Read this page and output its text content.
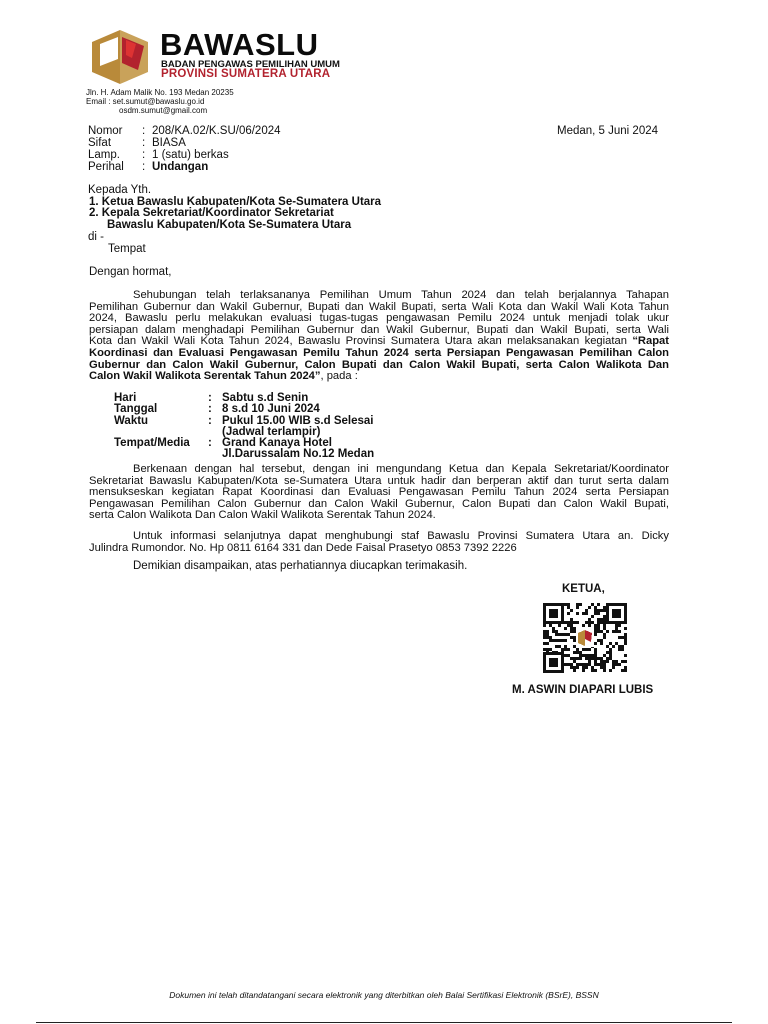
BAWASLU
BADAN PENGAWAS PEMILIHAN UMUM
PROVINSI SUMATERA UTARA
Jln. H. Adam Malik No. 193 Medan 20235
Email : set.sumut@bawaslu.go.id
osdm.sumut@gmail.com
Nomor	: 208/KA.02/K.SU/06/2024
Sifat	: BIASA
Lamp.	: 1 (satu) berkas
Perihal	: Undangan
Medan, 5 Juni 2024
Kepada Yth.
1. Ketua Bawaslu Kabupaten/Kota Se-Sumatera Utara
2. Kepala Sekretariat/Koordinator Sekretariat
Bawaslu Kabupaten/Kota Se-Sumatera Utara
di -
Tempat
Dengan hormat,
Sehubungan telah terlaksananya Pemilihan Umum Tahun 2024 dan telah berjalannya Tahapan
Pemilihan Gubernur dan Wakil Gubernur, Bupati dan Wakil Bupati, serta Wali Kota dan Wakil Wali Kota Tahun
2024, Bawaslu perlu melakukan evaluasi tugas-tugas pengawasan Pemilu 2024 untuk menjadi tolak ukur
persiapan dalam menghadapi Pemilihan Gubernur dan Wakil Gubernur, Bupati dan Wakil Bupati, serta Wali
Kota dan Wakil Wali Kota Tahun 2024, Bawaslu Provinsi Sumatera Utara akan melaksanakan kegiatan “Rapat
Koordinasi dan Evaluasi Pengawasan Pemilu Tahun 2024 serta Persiapan Pengawasan Pemilihan Calon
Gubernur dan Calon Wakil Gubernur, Calon Bupati dan Calon Wakil Bupati, serta Calon Walikota Dan
Calon Wakil Walikota Serentak Tahun 2024”, pada :
Hari	: Sabtu s.d Senin
Tanggal	: 8 s.d 10 Juni 2024
Waktu	: Pukul 15.00 WIB s.d Selesai
(Jadwal terlampir)
Tempat/Media	: Grand Kanaya Hotel
Jl.Darussalam No.12 Medan
Berkenaan dengan hal tersebut, dengan ini mengundang Ketua dan Kepala Sekretariat/Koordinator
Sekretariat Bawaslu Kabupaten/Kota se-Sumatera Utara untuk hadir dan berperan aktif dan turut serta dalam
mensukseskan kegiatan Rapat Koordinasi dan Evaluasi Pengawasan Pemilu Tahun 2024 serta Persiapan
Pengawasan Pemilihan Calon Gubernur dan Calon Wakil Gubernur, Calon Bupati dan Calon Wakil Bupati,
serta Calon Walikota Dan Calon Wakil Walikota Serentak Tahun 2024.
Untuk informasi selanjutnya dapat menghubungi staf Bawaslu Provinsi Sumatera Utara an. Dicky
Julindra Rumondor. No. Hp 0811 6164 331 dan Dede Faisal Prasetyo 0853 7392 2226
Demikian disampaikan, atas perhatiannya diucapkan terimakasih.
KETUA,
M. ASWIN DIAPARI LUBIS
Dokumen ini telah ditandatangani secara elektronik yang diterbitkan oleh Balai Sertifikasi Elektronik (BSrE), BSSN
